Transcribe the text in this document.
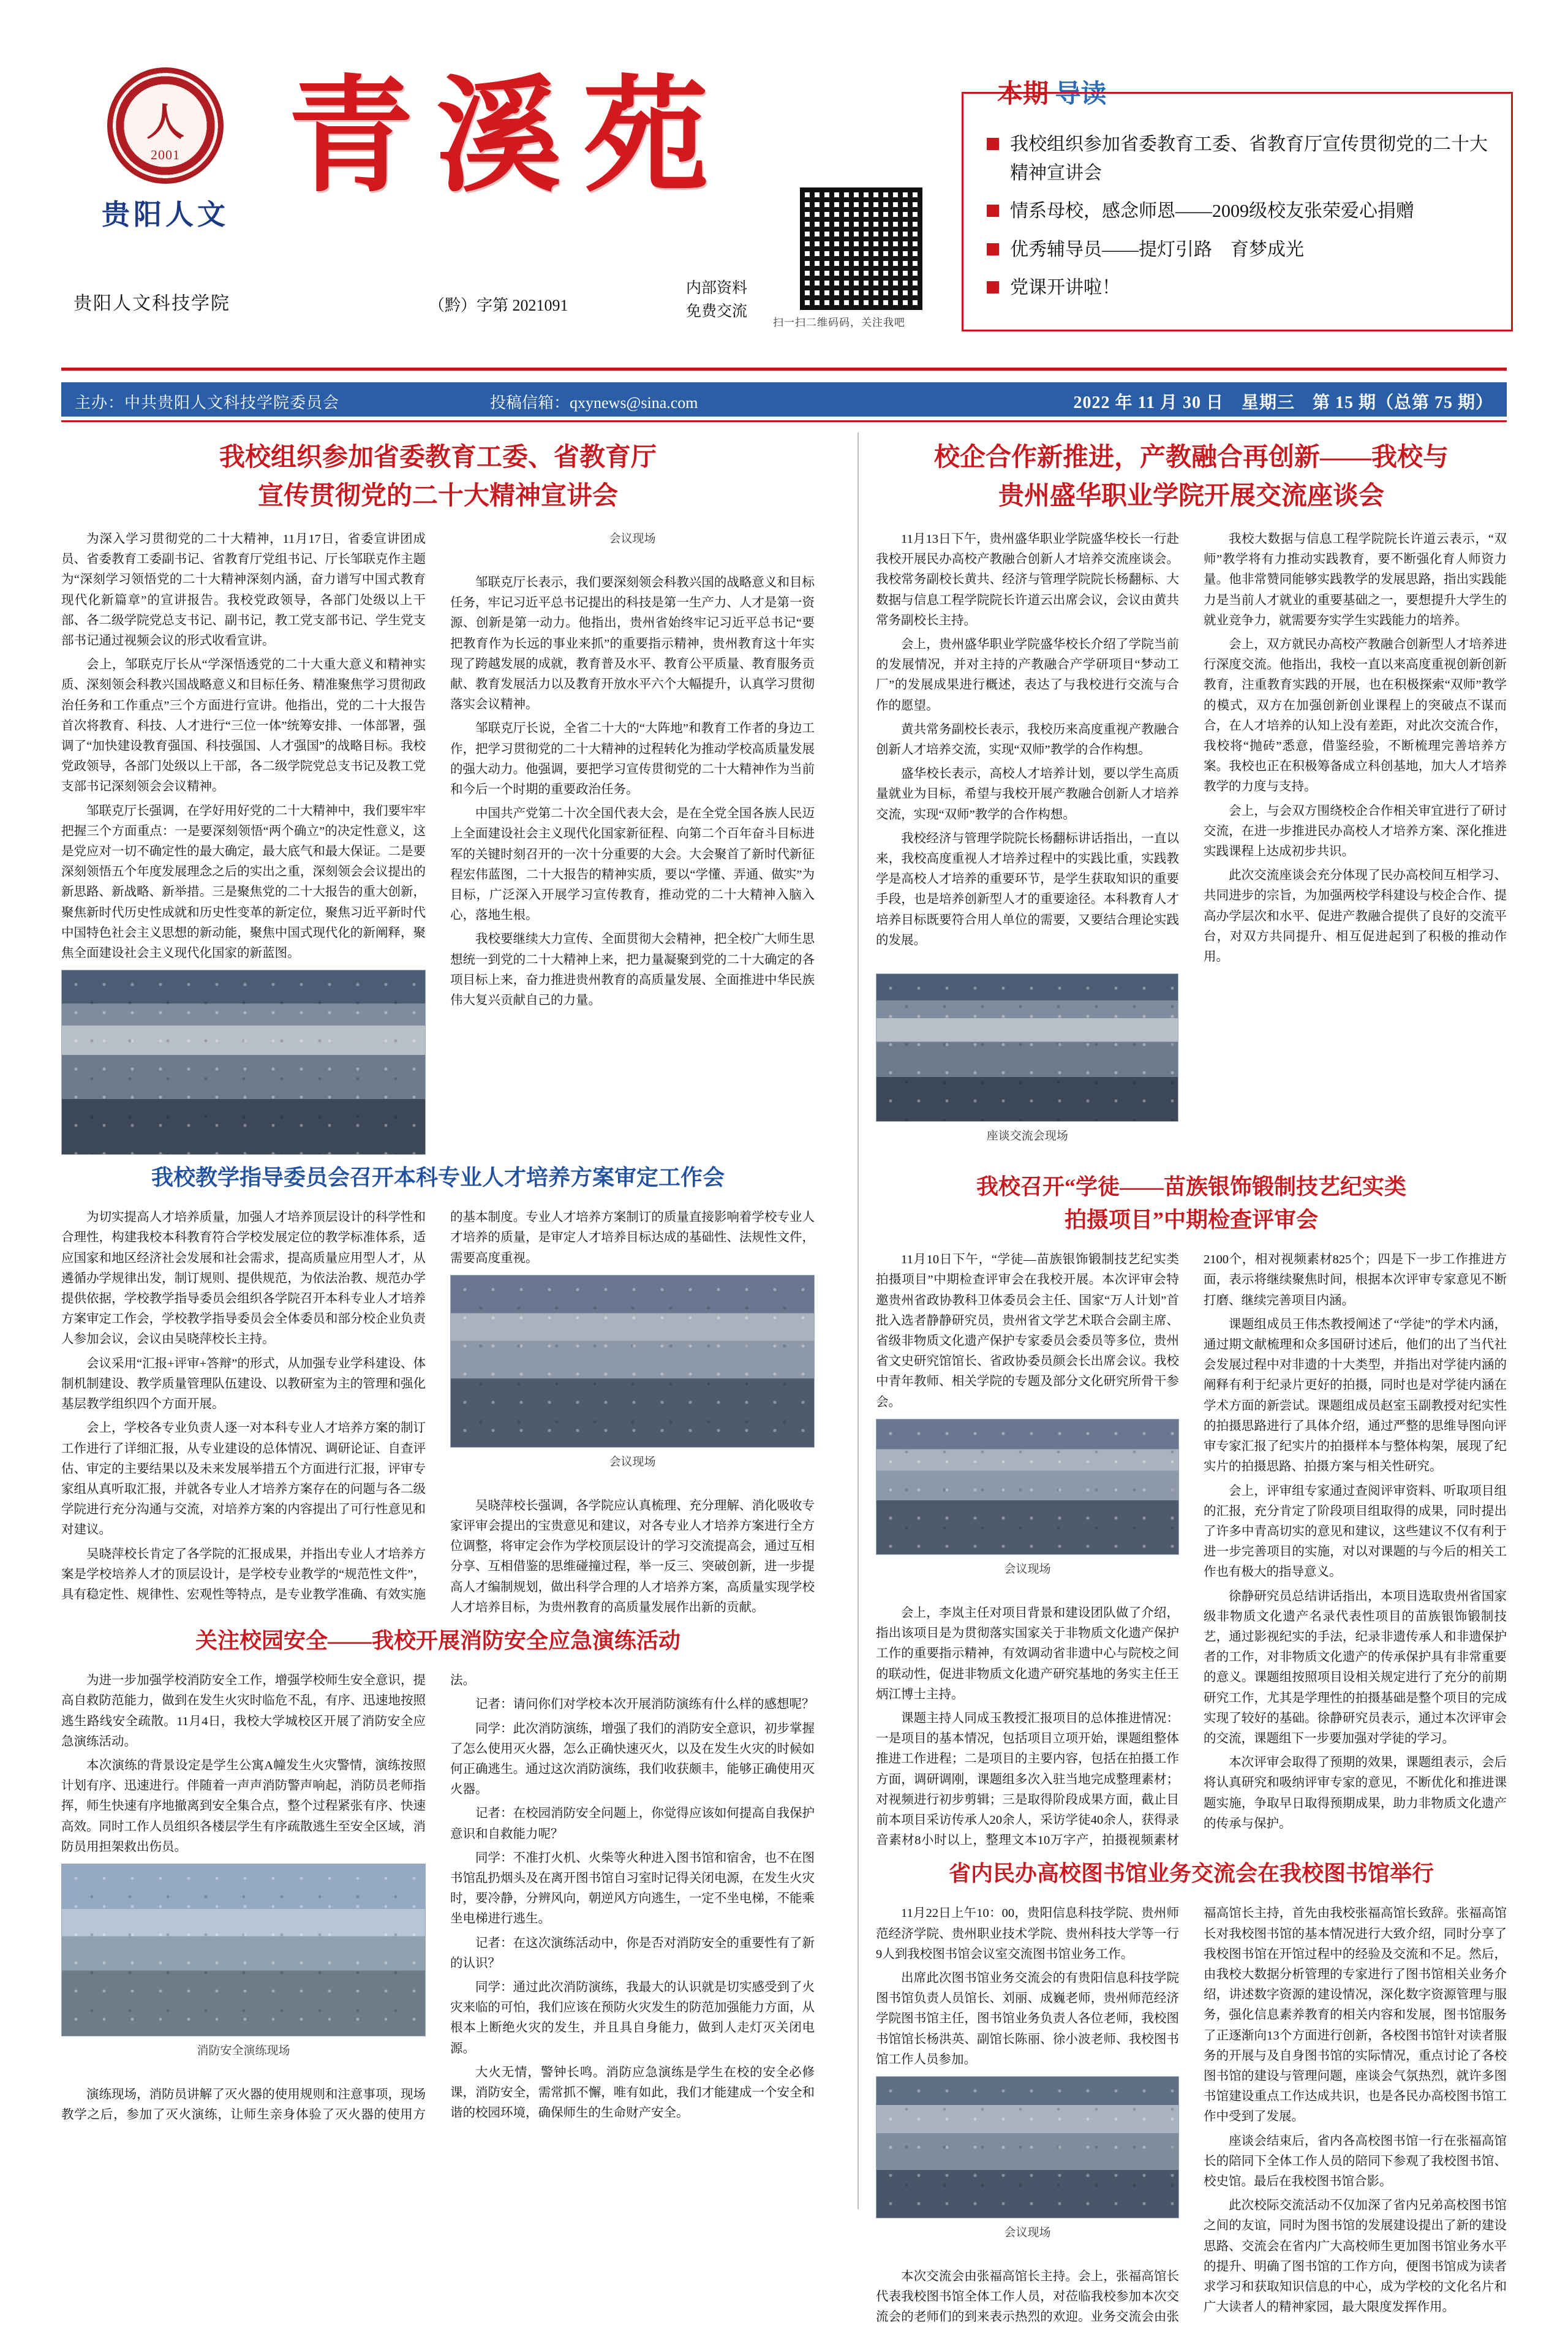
人
2001
贵阳人文
青溪苑
扫一扫二维码码，关注我吧
本期 导读
我校组织参加省委教育工委、省教育厅宣传贯彻党的二十大精神宣讲会
情系母校，感念师恩——2009级校友张荣爱心捐赠
优秀辅导员——提灯引路　育梦成光
党课开讲啦！
贵阳人文科技学院	（黔）字第 2021091
内部资料
免费交流
主办：中共贵阳人文科技学院委员会	投稿信箱：qxynews@sina.com	2022 年 11 月 30 日　星期三　第 15 期（总第 75 期）
我校组织参加省委教育工委、省教育厅
宣传贯彻党的二十大精神宣讲会

为深入学习贯彻党的二十大精神，11月17日，省委宣讲团成员、省委教育工委副书记、省教育厅党组书记、厅长邹联克作主题为“深刻学习领悟党的二十大精神深刻内涵，奋力谱写中国式教育现代化新篇章”的宣讲报告。我校党政领导，各部门处级以上干部、各二级学院党总支书记、副书记，教工党支部书记、学生党支部书记通过视频会议的形式收看宣讲。

会上，邹联克厅长从“学深悟透党的二十大重大意义和精神实质、深刻领会科教兴国战略意义和目标任务、精准聚焦学习贯彻政治任务和工作重点”三个方面进行宣讲。他指出，党的二十大报告首次将教育、科技、人才进行“三位一体”统筹安排、一体部署，强调了“加快建设教育强国、科技强国、人才强国”的战略目标。我校党政领导，各部门处级以上干部，各二级学院党总支书记及教工党支部书记深刻领会会议精神。

邹联克厅长强调，在学好用好党的二十大精神中，我们要牢牢把握三个方面重点：一是要深刻领悟“两个确立”的决定性意义，这是党应对一切不确定性的最大确定，最大底气和最大保证。二是要深刻领悟五个年度发展理念之后的实出之重，深刻领会会议提出的新思路、新战略、新举措。三是聚焦党的二十大报告的重大创新，聚焦新时代历史性成就和历史性变革的新定位，聚焦习近平新时代中国特色社会主义思想的新动能，聚焦中国式现代化的新阐释，聚焦全面建设社会主义现代化国家的新蓝图。

会议现场

邹联克厅长表示，我们要深刻领会科教兴国的战略意义和目标任务，牢记习近平总书记提出的科技是第一生产力、人才是第一资源、创新是第一动力。他指出，贵州省始终牢记习近平总书记“要把教育作为长远的事业来抓”的重要指示精神，贵州教育这十年实现了跨越发展的成就，教育普及水平、教育公平质量、教育服务贡献、教育发展活力以及教育开放水平六个大幅提升，认真学习贯彻落实会议精神。

邹联克厅长说，全省二十大的“大阵地”和教育工作者的身边工作，把学习贯彻党的二十大精神的过程转化为推动学校高质量发展的强大动力。他强调，要把学习宣传贯彻党的二十大精神作为当前和今后一个时期的重要政治任务。

中国共产党第二十次全国代表大会，是在全党全国各族人民迈上全面建设社会主义现代化国家新征程、向第二个百年奋斗目标进军的关键时刻召开的一次十分重要的大会。大会聚首了新时代新征程宏伟蓝图，二十大报告的精神实质，要以“学懂、弄通、做实”为目标，广泛深入开展学习宣传教育，推动党的二十大精神入脑入心，落地生根。

我校要继续大力宣传、全面贯彻大会精神，把全校广大师生思想统一到党的二十大精神上来，把力量凝聚到党的二十大确定的各项目标上来，奋力推进贵州教育的高质量发展、全面推进中华民族伟大复兴贡献自己的力量。

我校教学指导委员会召开本科专业人才培养方案审定工作会

为切实提高人才培养质量，加强人才培养顶层设计的科学性和合理性，构建我校本科教育符合学校发展定位的教学标准体系，适应国家和地区经济社会发展和社会需求，提高质量应用型人才，从遴循办学规律出发，制订规则、提供规范，为依法治教、规范办学提供依据，学校教学指导委员会组织各学院召开本科专业人才培养方案审定工作会，学校教学指导委员会全体委员和部分校企业负责人参加会议，会议由吴晓萍校长主持。

会议采用“汇报+评审+答辩”的形式，从加强专业学科建设、体制机制建设、教学质量管理队伍建设、以教研室为主的管理和强化基层教学组织四个方面开展。

会上，学校各专业负责人逐一对本科专业人才培养方案的制订工作进行了详细汇报，从专业建设的总体情况、调研论证、自查评估、审定的主要结果以及未来发展举措五个方面进行汇报，评审专家组从真听取汇报，并就各专业人才培养方案存在的问题与各二级学院进行充分沟通与交流，对培养方案的内容提出了可行性意见和对建议。

吴晓萍校长肯定了各学院的汇报成果，并指出专业人才培养方案是学校培养人才的顶层设计，是学校专业教学的“规范性文件”，具有稳定性、规律性、宏观性等特点，是专业教学准确、有效实施的基本制度。专业人才培养方案制订的质量直接影响着学校专业人才培养的质量，是审定人才培养目标达成的基础性、法规性文件，需要高度重视。

会议现场

吴晓萍校长强调，各学院应认真梳理、充分理解、消化吸收专家评审会提出的宝贵意见和建议，对各专业人才培养方案进行全方位调整，将审定会作为学校顶层设计的学习交流提高会，通过互相分享、互相借鉴的思维碰撞过程，举一反三、突破创新，进一步提高人才编制规划，做出科学合理的人才培养方案，高质量实现学校人才培养目标，为贵州教育的高质量发展作出新的贡献。

关注校园安全——我校开展消防安全应急演练活动

为进一步加强学校消防安全工作，增强学校师生安全意识，提高自救防范能力，做到在发生火灾时临危不乱，有序、迅速地按照逃生路线安全疏散。11月4日，我校大学城校区开展了消防安全应急演练活动。

本次演练的背景设定是学生公寓A幢发生火灾警情，演练按照计划有序、迅速进行。伴随着一声声消防警声响起，消防员老师指挥，师生快速有序地撤离到安全集合点，整个过程紧张有序、快速高效。同时工作人员组织各楼层学生有序疏散逃生至安全区域，消防员用担架救出伤员。

消防安全演练现场

演练现场，消防员讲解了灭火器的使用规则和注意事项，现场教学之后，参加了灭火演练，让师生亲身体验了灭火器的使用方法。

记者：请问你们对学校本次开展消防演练有什么样的感想呢？

同学：此次消防演练，增强了我们的消防安全意识，初步掌握了怎么使用灭火器，怎么正确快速灭火，以及在发生火灾的时候如何正确逃生。通过这次消防演练，我们收获颇丰，能够正确使用灭火器。

记者：在校园消防安全问题上，你觉得应该如何提高自我保护意识和自救能力呢？

同学：不准打火机、火柴等火种进入图书馆和宿舍，也不在图书馆乱扔烟头及在离开图书馆自习室时记得关闭电源，在发生火灾时，要冷静，分辨风向，朝逆风方向逃生，一定不坐电梯，不能乘坐电梯进行逃生。

记者：在这次演练活动中，你是否对消防安全的重要性有了新的认识？

同学：通过此次消防演练，我最大的认识就是切实感受到了火灾来临的可怕，我们应该在预防火灾发生的防范加强能力方面，从根本上断绝火灾的发生，并且具自身能力，做到人走灯灭关闭电源。

大火无情，警钟长鸣。消防应急演练是学生在校的安全必修课，消防安全，需常抓不懈，唯有如此，我们才能建成一个安全和谐的校园环境，确保师生的生命财产安全。

校企合作新推进，产教融合再创新——我校与
贵州盛华职业学院开展交流座谈会

11月13日下午，贵州盛华职业学院盛华校长一行赴我校开展民办高校产教融合创新人才培养交流座谈会。我校常务副校长黄共、经济与管理学院院长杨翻标、大数据与信息工程学院院长许道云出席会议，会议由黄共常务副校长主持。

会上，贵州盛华职业学院盛华校长介绍了学院当前的发展情况，并对主持的产教融合产学研项目“梦动工厂”的发展成果进行概述，表达了与我校进行交流与合作的愿望。

黄共常务副校长表示，我校历来高度重视产教融合创新人才培养交流，实现“双师”教学的合作构想。

盛华校长表示，高校人才培养计划，要以学生高质量就业为目标，希望与我校开展产教融合创新人才培养交流，实现“双师”教学的合作构想。

我校经济与管理学院院长杨翻标讲话指出，一直以来，我校高度重视人才培养过程中的实践比重，实践教学是高校人才培养的重要环节，是学生获取知识的重要手段，也是培养创新型人才的重要途径。本科教育人才培养目标既要符合用人单位的需要，又要结合理论实践的发展。

我校大数据与信息工程学院院长许道云表示，“双师”教学将有力推动实践教育，要不断强化育人师资力量。他非常赞同能够实践教学的发展思路，指出实践能力是当前人才就业的重要基础之一，要想提升大学生的就业竞争力，就需要夯实学生实践能力的培养。

会上，双方就民办高校产教融合创新型人才培养进行深度交流。他指出，我校一直以来高度重视创新创新教育，注重教育实践的开展，也在积极探索“双师”教学的模式，双方在加强创新创业课程上的突破点不谋而合，在人才培养的认知上没有差距，对此次交流合作，我校将“抛砖”悉意，借鉴经验，不断梳理完善培养方案。我校也正在积极筹备成立科创基地，加大人才培养教学的力度与支持。

会上，与会双方围绕校企合作相关审宜进行了研讨交流，在进一步推进民办高校人才培养方案、深化推进实践课程上达成初步共识。

此次交流座谈会充分体现了民办高校间互相学习、共同进步的宗旨，为加强两校学科建设与校企合作、提高办学层次和水平、促进产教融合提供了良好的交流平台，对双方共同提升、相互促进起到了积极的推动作用。

座谈交流会现场
我校召开“学徒——苗族银饰锻制技艺纪实类
拍摄项目”中期检查评审会

11月10日下午，“学徒—苗族银饰锻制技艺纪实类拍摄项目”中期检查评审会在我校开展。本次评审会特邀贵州省政协教科卫体委员会主任、国家“万人计划”首批入选者静静研究员，贵州省文学艺术联合会副主席、省级非物质文化遗产保护专家委员会委员等多位，贵州省文史研究馆馆长、省政协委员颜会长出席会议。我校中青年教师、相关学院的专题及部分文化研究所骨干参会。

会议现场

会上，李岚主任对项目背景和建设团队做了介绍，指出该项目是为贯彻落实国家关于非物质文化遗产保护工作的重要指示精神，有效调动省非遗中心与院校之间的联动性，促进非物质文化遗产研究基地的务实主任王炳江博士主持。

课题主持人同成玉教授汇报项目的总体推进情况：一是项目的基本情况，包括项目立项开始，课题组整体推进工作进程；二是项目的主要内容，包括在拍摄工作方面，调研调刚，课题组多次入驻当地完成整理素材；对视频进行初步剪辑；三是取得阶段成果方面，截止目前本项目采访传承人20余人，采访学徒40余人，获得录音素材8小时以上，整理文本10万字产，拍摄视频素材2100个，相对视频素材825个；四是下一步工作推进方面，表示将继续聚焦时间，根据本次评审专家意见不断打磨、继续完善项目内涵。

课题组成员王伟杰教授阐述了“学徒”的学术内涵，通过期文献梳理和众多国研讨述后，他们的出了当代社会发展过程中对非遗的十大类型，并指出对学徒内涵的阐释有利于纪录片更好的拍摄，同时也是对学徒内涵在学术方面的新尝试。课题组成员赵室玉副教授对纪实性的拍摄思路进行了具体介绍，通过严整的思维导图向评审专家汇报了纪实片的拍摄样本与整体构架，展现了纪实片的拍摄思路、拍摄方案与相关性研究。

会上，评审组专家通过查阅评审资料、听取项目组的汇报，充分肯定了阶段项目组取得的成果，同时提出了许多中青高切实的意见和建议，这些建议不仅有利于进一步完善项目的实施，对以对课题的与今后的相关工作也有极大的指导意义。

徐静研究员总结讲话指出，本项目选取贵州省国家级非物质文化遗产名录代表性项目的苗族银饰锻制技艺，通过影视纪实的手法，纪录非遗传承人和非遗保护者的工作，对非物质文化遗产的传承保护具有非常重要的意义。课题组按照项目设相关规定进行了充分的前期研究工作，尤其是学理性的拍摄基础是整个项目的完成实现了较好的基础。徐静研究员表示，通过本次评审会的交流，课题组下一步要加强对学徒的学习。

本次评审会取得了预期的效果，课题组表示，会后将认真研究和吸纳评审专家的意见，不断优化和推进课题实施，争取早日取得预期成果，助力非物质文化遗产的传承与保护。

省内民办高校图书馆业务交流会在我校图书馆举行

11月22日上午10：00，贵阳信息科技学院、贵州师范经济学院、贵州职业技术学院、贵州科技大学等一行9人到我校图书馆会议室交流图书馆业务工作。

出席此次图书馆业务交流会的有贵阳信息科技学院图书馆负责人员馆长、刘丽、成巍老师，贵州师范经济学院图书馆主任，图书馆业务负责人各位老师，我校图书馆馆长杨洪英、副馆长陈丽、徐小波老师、我校图书馆工作人员参加。

会议现场

本次交流会由张福高馆长主持。会上，张福高馆长代表我校图书馆全体工作人员，对莅临我校参加本次交流会的老师们的到来表示热烈的欢迎。业务交流会由张福高馆长主持，首先由我校张福高馆长致辞。张福高馆长对我校图书馆的基本情况进行大致介绍，同时分享了我校图书馆在开馆过程中的经验及交流和不足。然后，由我校大数据分析管理的专家进行了图书馆相关业务介绍，讲述数字资源的建设情况，深化数字资源管理与服务，强化信息素养教育的相关内容和发展，图书馆服务了正逐渐向13个方面进行创新，各校图书馆针对读者服务的开展与及自身图书馆的实际情况，重点讨论了各校图书馆的建设与管理问题，座谈会气氛热烈，就许多图书馆建设重点工作达成共识，也是各民办高校图书馆工作中受到了发展。

座谈会结束后，省内各高校图书馆一行在张福高馆长的陪同下全体工作人员的陪同下参观了我校图书馆、校史馆。最后在我校图书馆合影。

此次校际交流活动不仅加深了省内兄弟高校图书馆之间的友谊，同时为图书馆的发展建设提出了新的建设思路、交流会在省内广大高校师生更加图书馆业务水平的提升、明确了图书馆的工作方向，便图书馆成为读者求学习和获取知识信息的中心，成为学校的文化名片和广大读者人的精神家园，最大限度发挥作用。
